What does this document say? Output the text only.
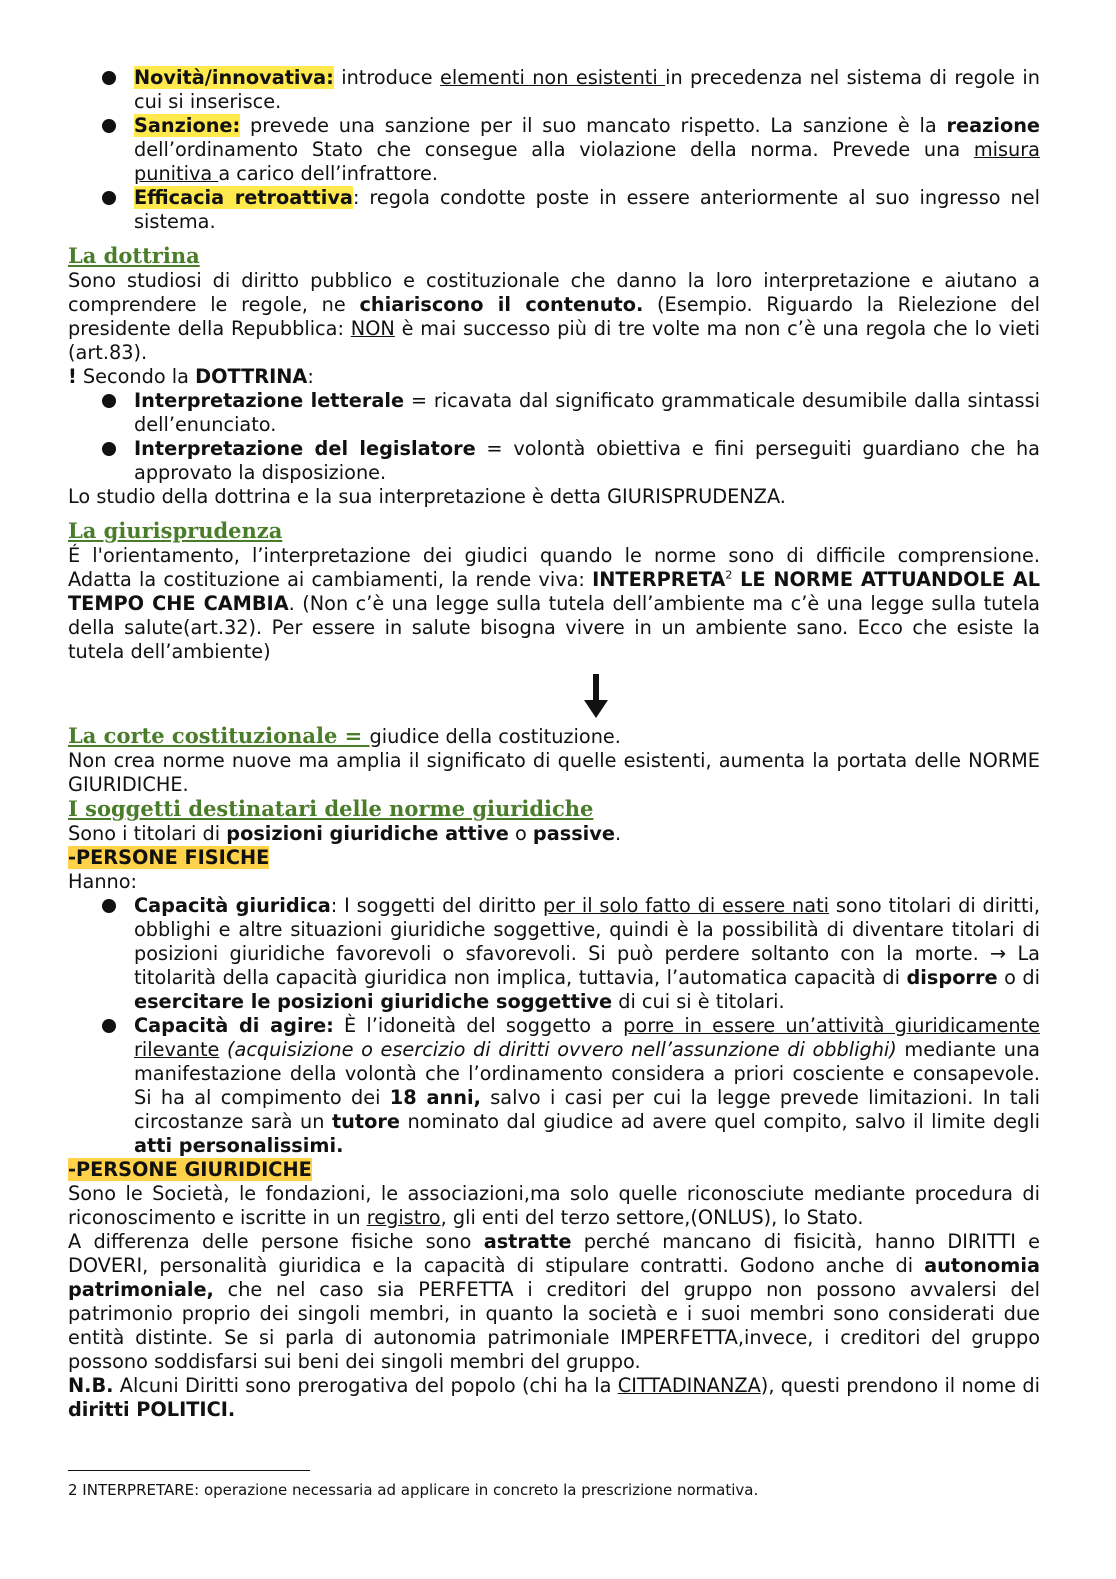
Novità/innovativa: introduce elementi non esistenti in precedenza nel sistema di regole in cui si inserisce.
Sanzione: prevede una sanzione per il suo mancato rispetto. La sanzione è la reazione dell’ordinamento Stato che consegue alla violazione della norma. Prevede una misura punitiva a carico dell’infrattore.
Efficacia retroattiva: regola condotte poste in essere anteriormente al suo ingresso nel sistema.
La dottrina
Sono studiosi di diritto pubblico e costituzionale che danno la loro interpretazione e aiutano a comprendere le regole, ne chiariscono il contenuto. (Esempio. Riguardo la Rielezione del presidente della Repubblica: NON è mai successo più di tre volte ma non c’è una regola che lo vieti (art.83).
! Secondo la DOTTRINA:
Interpretazione letterale = ricavata dal significato grammaticale desumibile dalla sintassi dell’enunciato.
Interpretazione del legislatore = volontà obiettiva e fini perseguiti guardiano che ha approvato la disposizione.
Lo studio della dottrina e la sua interpretazione è detta GIURISPRUDENZA.
La giurisprudenza
É l'orientamento, l’interpretazione dei giudici quando le norme sono di difficile comprensione. Adatta la costituzione ai cambiamenti, la rende viva: INTERPRETA$^2$ LE NORME ATTUANDOLE AL TEMPO CHE CAMBIA. (Non c’è una legge sulla tutela dell’ambiente ma c’è una legge sulla tutela della salute(art.32). Per essere in salute bisogna vivere in un ambiente sano. Ecco che esiste la tutela dell’ambiente)
La corte costituzionale = giudice della costituzione.
Non crea norme nuove ma amplia il significato di quelle esistenti, aumenta la portata delle NORME GIURIDICHE.
I soggetti destinatari delle norme giuridiche
Sono i titolari di posizioni giuridiche attive o passive.
-PERSONE FISICHE
Hanno:
Capacità giuridica: I soggetti del diritto per il solo fatto di essere nati sono titolari di diritti, obblighi e altre situazioni giuridiche soggettive, quindi è la possibilità di diventare titolari di posizioni giuridiche favorevoli o sfavorevoli. Si può perdere soltanto con la morte. → La titolarità della capacità giuridica non implica, tuttavia, l’automatica capacità di disporre o di esercitare le posizioni giuridiche soggettive di cui si è titolari.
Capacità di agire: È l’idoneità del soggetto a porre in essere un’attività giuridicamente rilevante (acquisizione o esercizio di diritti ovvero nell’assunzione di obblighi) mediante una manifestazione della volontà che l’ordinamento considera a priori cosciente e consapevole. Si ha al compimento dei 18 anni, salvo i casi per cui la legge prevede limitazioni. In tali circostanze sarà un tutore nominato dal giudice ad avere quel compito, salvo il limite degli atti personalissimi.
-PERSONE GIURIDICHE
Sono le Società, le fondazioni, le associazioni,ma solo quelle riconosciute mediante procedura di riconoscimento e iscritte in un registro, gli enti del terzo settore,(ONLUS), lo Stato.
A differenza delle persone fisiche sono astratte perché mancano di fisicità, hanno DIRITTI e DOVERI, personalità giuridica e la capacità di stipulare contratti. Godono anche di autonomia patrimoniale, che nel caso sia PERFETTA i creditori del gruppo non possono avvalersi del patrimonio proprio dei singoli membri, in quanto la società e i suoi membri sono considerati due entità distinte. Se si parla di autonomia patrimoniale IMPERFETTA,invece, i creditori del gruppo possono soddisfarsi sui beni dei singoli membri del gruppo.
N.B. Alcuni Diritti sono prerogativa del popolo (chi ha la CITTADINANZA), questi prendono il nome di diritti POLITICI.
2 INTERPRETARE: operazione necessaria ad applicare in concreto la prescrizione normativa.
